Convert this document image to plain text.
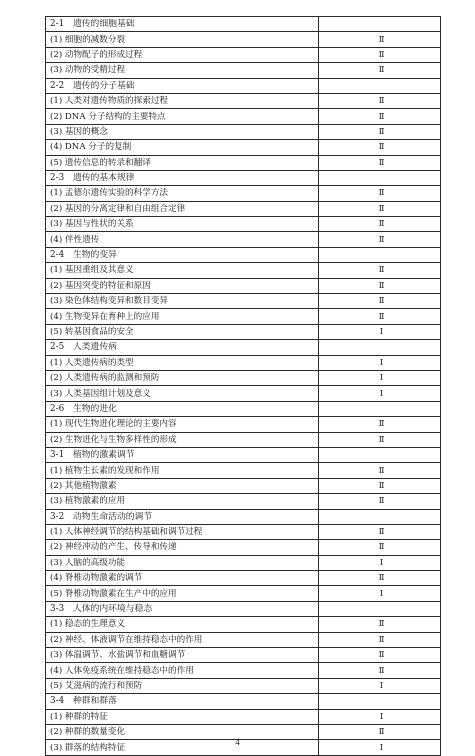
2-1　遗传的细胞基础	
(1) 细胞的减数分裂	Ⅱ
(2) 动物配子的形成过程	Ⅱ
(3) 动物的受精过程	Ⅱ
2-2　遗传的分子基础	
(1) 人类对遗传物质的探索过程	Ⅱ
(2) DNA 分子结构的主要特点	Ⅱ
(3) 基因的概念	Ⅱ
(4) DNA 分子的复制	Ⅱ
(5) 遗传信息的转录和翻译	Ⅱ
2-3　遗传的基本规律	
(1) 孟德尔遗传实验的科学方法	Ⅱ
(2) 基因的分离定律和自由组合定律	Ⅱ
(3) 基因与性状的关系	Ⅱ
(4) 伴性遗传	Ⅱ
2-4　生物的变异	
(1) 基因重组及其意义	Ⅱ
(2) 基因突变的特征和原因	Ⅱ
(3) 染色体结构变异和数目变异	Ⅱ
(4) 生物变异在育种上的应用	Ⅱ
(5) 转基因食品的安全	Ⅰ
2-5　人类遗传病	
(1) 人类遗传病的类型	Ⅰ
(2) 人类遗传病的监测和预防	Ⅰ
(3) 人类基因组计划及意义	Ⅰ
2-6　生物的进化	
(1) 现代生物进化理论的主要内容	Ⅱ
(2) 生物进化与生物多样性的形成	Ⅱ
3-1　植物的激素调节	
(1) 植物生长素的发现和作用	Ⅱ
(2) 其他植物激素	Ⅱ
(3) 植物激素的应用	Ⅱ
3-2　动物生命活动的调节	
(1) 人体神经调节的结构基础和调节过程	Ⅱ
(2) 神经冲动的产生、传导和传递	Ⅱ
(3) 人脑的高级功能	Ⅰ
(4) 脊椎动物激素的调节	Ⅱ
(5) 脊椎动物激素在生产中的应用	Ⅰ
3-3　人体的内环境与稳态	
(1) 稳态的生理意义	Ⅱ
(2) 神经、体液调节在维持稳态中的作用	Ⅱ
(3) 体温调节、水盐调节和血糖调节	Ⅱ
(4) 人体免疫系统在维持稳态中的作用	Ⅱ
(5) 艾滋病的流行和预防	Ⅰ
3-4　种群和群落	
(1) 种群的特征	Ⅰ
(2) 种群的数量变化	Ⅱ
(3) 群落的结构特征	Ⅰ
4
